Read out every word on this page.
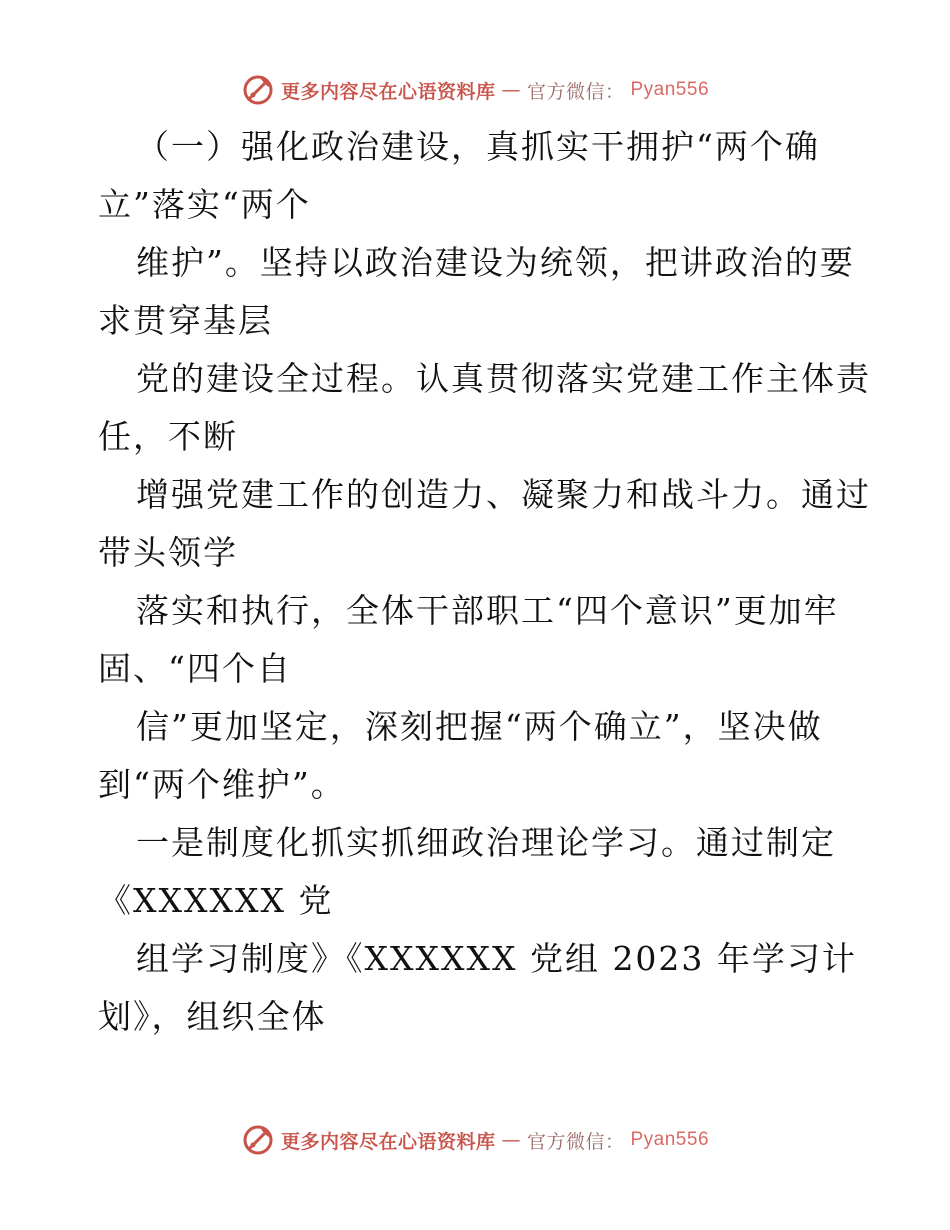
更多内容尽在心语资料库 — 官方微信： Pyan556
（一）强化政治建设，真抓实干拥护“两个确
立”落实“两个
维护”。坚持以政治建设为统领，把讲政治的要
求贯穿基层
党的建设全过程。认真贯彻落实党建工作主体责
任，不断
增强党建工作的创造力、凝聚力和战斗力。通过
带头领学
落实和执行，全体干部职工“四个意识”更加牢
固、“四个自
信”更加坚定，深刻把握“两个确立”，坚决做
到“两个维护”。
一是制度化抓实抓细政治理论学习。通过制定
《XXXXXX 党
组学习制度》《XXXXXX 党组 2023 年学习计
划》，组织全体
更多内容尽在心语资料库 — 官方微信： Pyan556
